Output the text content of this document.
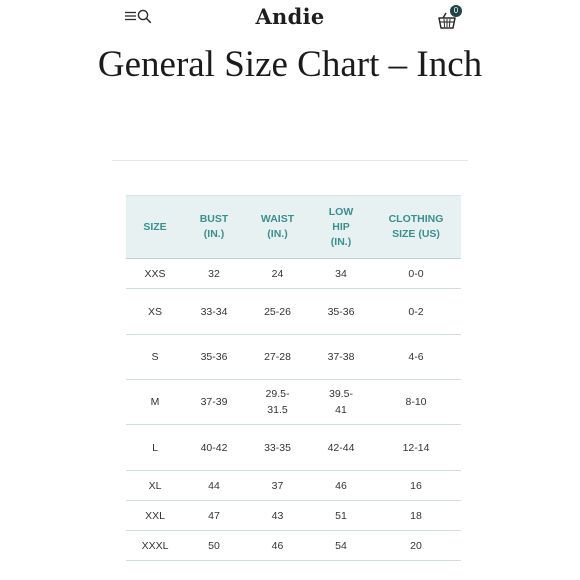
Andie	0
General Size Chart – Inch
SIZE	BUST (IN.)	WAIST (IN.)	LOW HIP (IN.)	CLOTHING SIZE (US)
XXS	32	24	34	0-0
XS	33-34	25-26	35-36	0-2
S	35-36	27-28	37-38	4-6
M	37-39	29.5-31.5	39.5-41	8-10
L	40-42	33-35	42-44	12-14
XL	44	37	46	16
XXL	47	43	51	18
XXXL	50	46	54	20
